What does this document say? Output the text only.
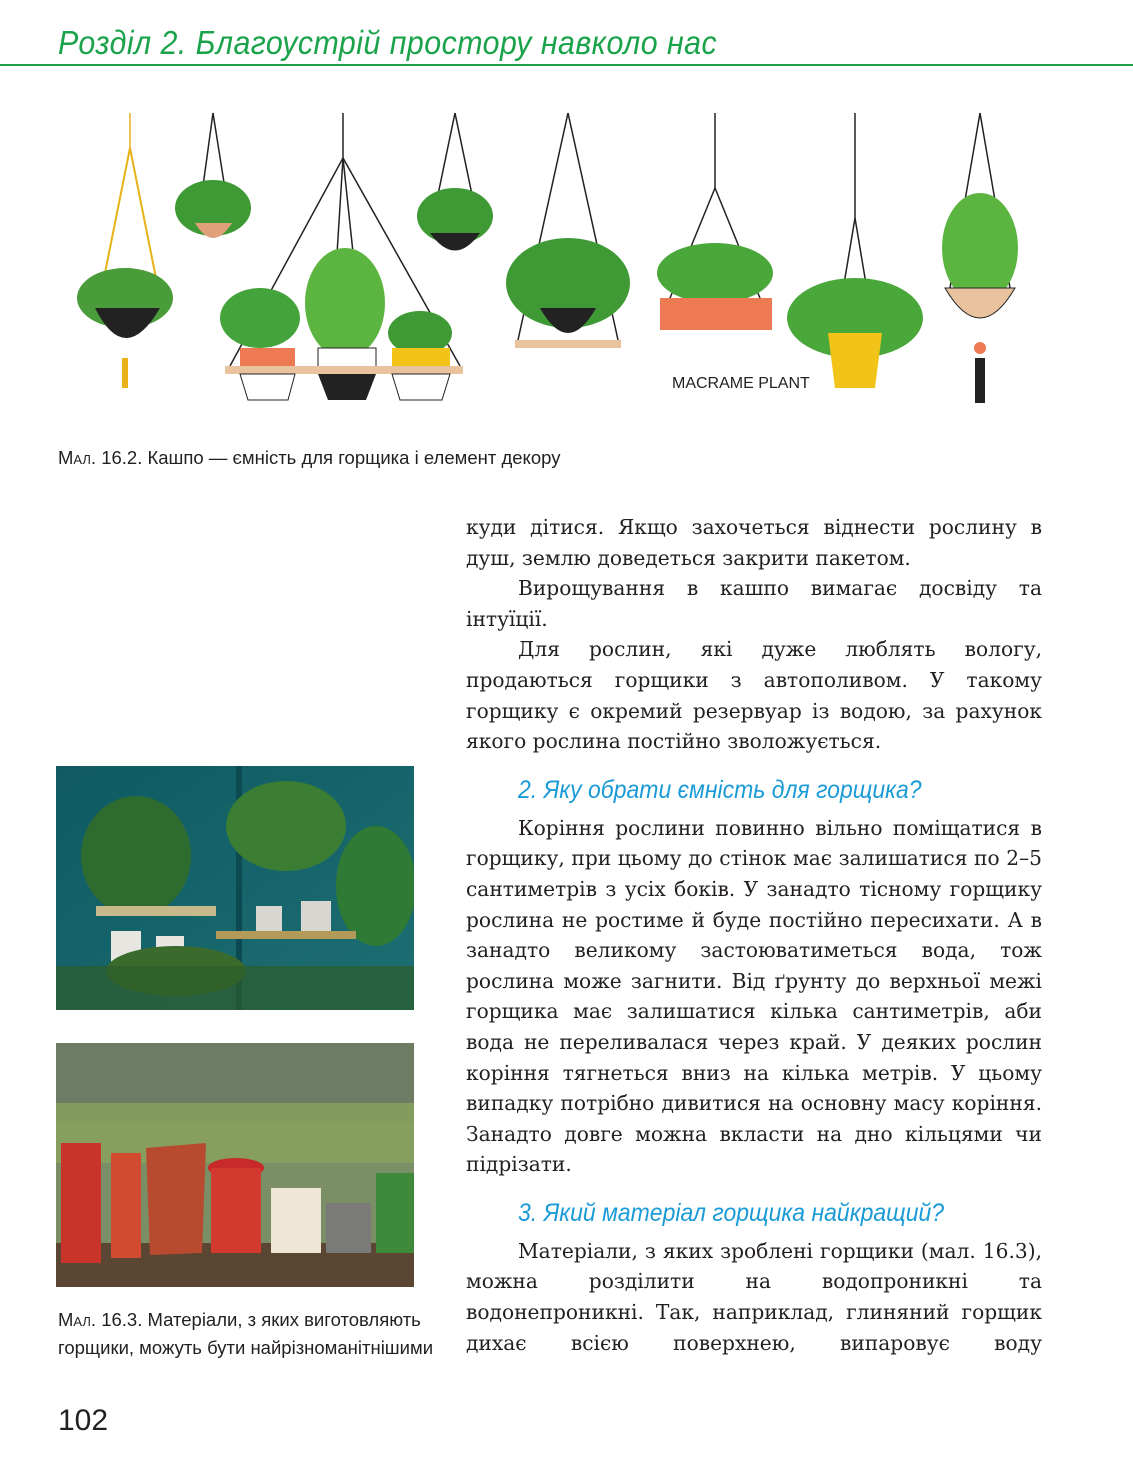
Розділ 2. Благоустрій простору навколо нас
MACRAME PLANT
Мал. 16.2. Кашпо — ємність для горщика і елемент декору
Мал. 16.3. Матеріали, з яких виготовляють горщики, можуть бути найрізноманітнішими

куди дітися. Якщо захочеться віднести рослину в душ, землю доведеться закрити пакетом.

Вирощування в кашпо вимагає досвіду та інтуїції.

Для рослин, які дуже люблять вологу, продаються горщики з автополивом. У такому горщику є окремий резервуар із водою, за рахунок якого рослина постійно зволожується.

2. Яку обрати ємність для горщика?

Коріння рослини повинно вільно поміщатися в горщику, при цьому до стінок має залишатися по 2–5 сантиметрів з усіх боків. У занадто тісному горщику рослина не ростиме й буде постійно пересихати. А в занадто великому застоюватиметься вода, тож рослина може загнити. Від ґрунту до верхньої межі горщика має залишатися кілька сантиметрів, аби вода не переливалася через край. У деяких рослин коріння тягнеться вниз на кілька метрів. У цьому випадку потрібно дивитися на основну масу коріння. Занадто довге можна вкласти на дно кільцями чи підрізати.

3. Який матеріал горщика найкращий?

Матеріали, з яких зроблені горщики (мал. 16.3), можна розділити на водопроникні та водонепроникні. Так, наприклад, глиняний горщик дихає всією поверхнею, випаровує воду

102
